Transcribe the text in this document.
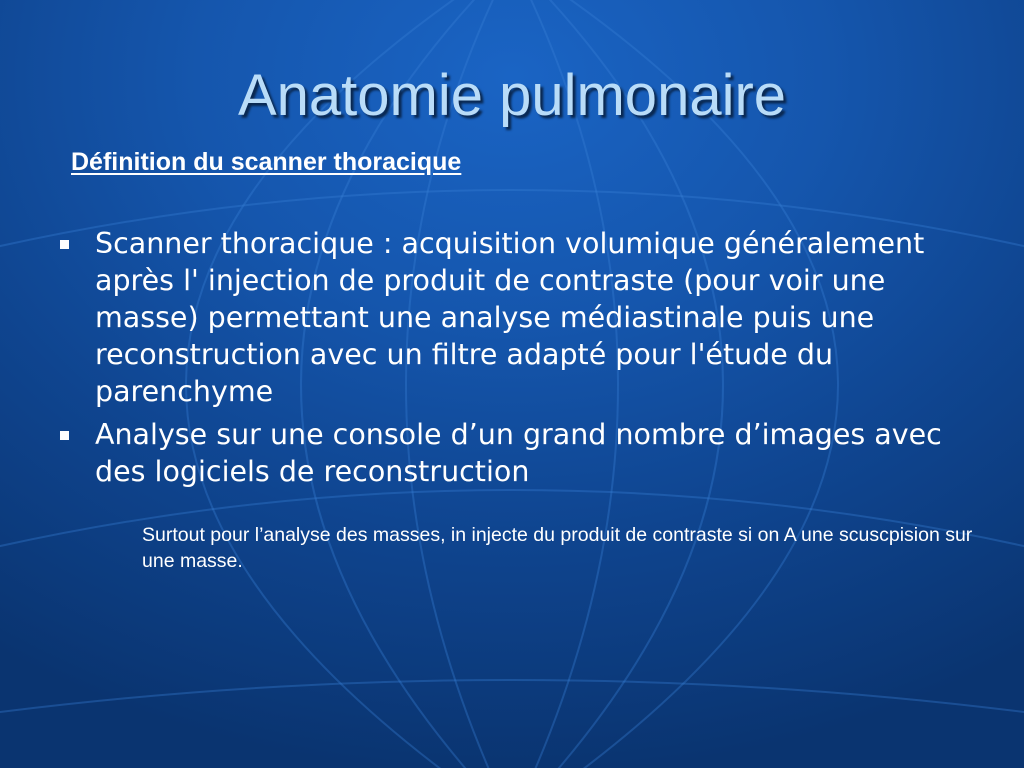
Anatomie pulmonaire
Définition du scanner thoracique
Scanner thoracique : acquisition volumique généralement après l' injection de produit de contraste (pour voir une masse) permettant une analyse médiastinale puis une reconstruction avec un filtre adapté pour l'étude du parenchyme
Analyse sur une console d’un grand nombre d’images avec des logiciels de reconstruction
Surtout pour l’analyse des masses, in injecte du produit de contraste si on A une scuscpision sur une masse.
